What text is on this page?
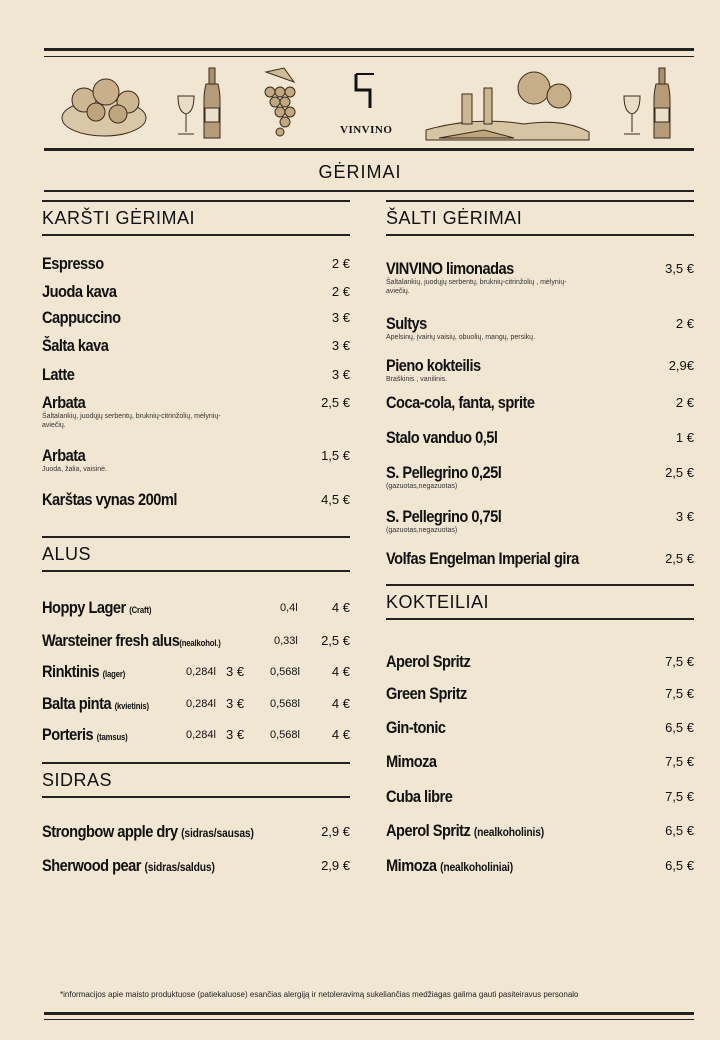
VINVINO
GĖRIMAI
KARŠTI GĖRIMAI
Espresso	2 €
Juoda kava	2 €
Cappuccino	3 €
Šalta kava	3 €
Latte	3 €
Arbata
Šaltalankių, juodųjų serbentų, bruknių-citrinžolių, mėlynių-aviečių.
2,5 €
Arbata
Juoda, žalia, vaisinė.
1,5 €
Karštas vynas 200ml	4,5 €
ALUS
Hoppy Lager (Craft)	0,4l	4 €
Warsteiner fresh alus(nealkohol.)	0,33l 2,5 €
Rinktinis (lager)	0,284l 3 € 0,568l 4 €
Balta pinta (kvietinis)	0,284l 3 € 0,568l 4 €
Porteris (tamsus)	0,284l 3 € 0,568l 4 €
SIDRAS
Strongbow apple dry (sidras/sausas)	2,9 €
Sherwood pear (sidras/saldus)	2,9 €
ŠALTI GĖRIMAI
VINVINO limonadas
Šaltalankių, juodųjų serbentų, bruknių-citrinžolių , mėlynių-aviečių.
3,5 €
Sultys
Apelsinų, įvairių vaisių, obuolių, mangų, persikų.
2 €
Pieno kokteilis
Braškinis , vanilinis.
2,9€
Coca-cola, fanta, sprite	2 €
Stalo vanduo 0,5l	1 €
S. Pellegrino 0,25l
(gazuotas,negazuotas)
2,5 €
S. Pellegrino 0,75l
(gazuotas,negazuotas)
3 €
Volfas Engelman Imperial gira	2,5 €
KOKTEILIAI
Aperol Spritz	7,5 €
Green Spritz	7,5 €
Gin-tonic	6,5 €
Mimoza	7,5 €
Cuba libre	7,5 €
Aperol Spritz (nealkoholinis)	6,5 €
Mimoza (nealkoholiniai)	6,5 €
*informacijos apie maisto produktuose (patiekaluose) esančias alergiją ir netoleravimą sukeliančias medžiagas galima gauti pasiteiravus personalo
